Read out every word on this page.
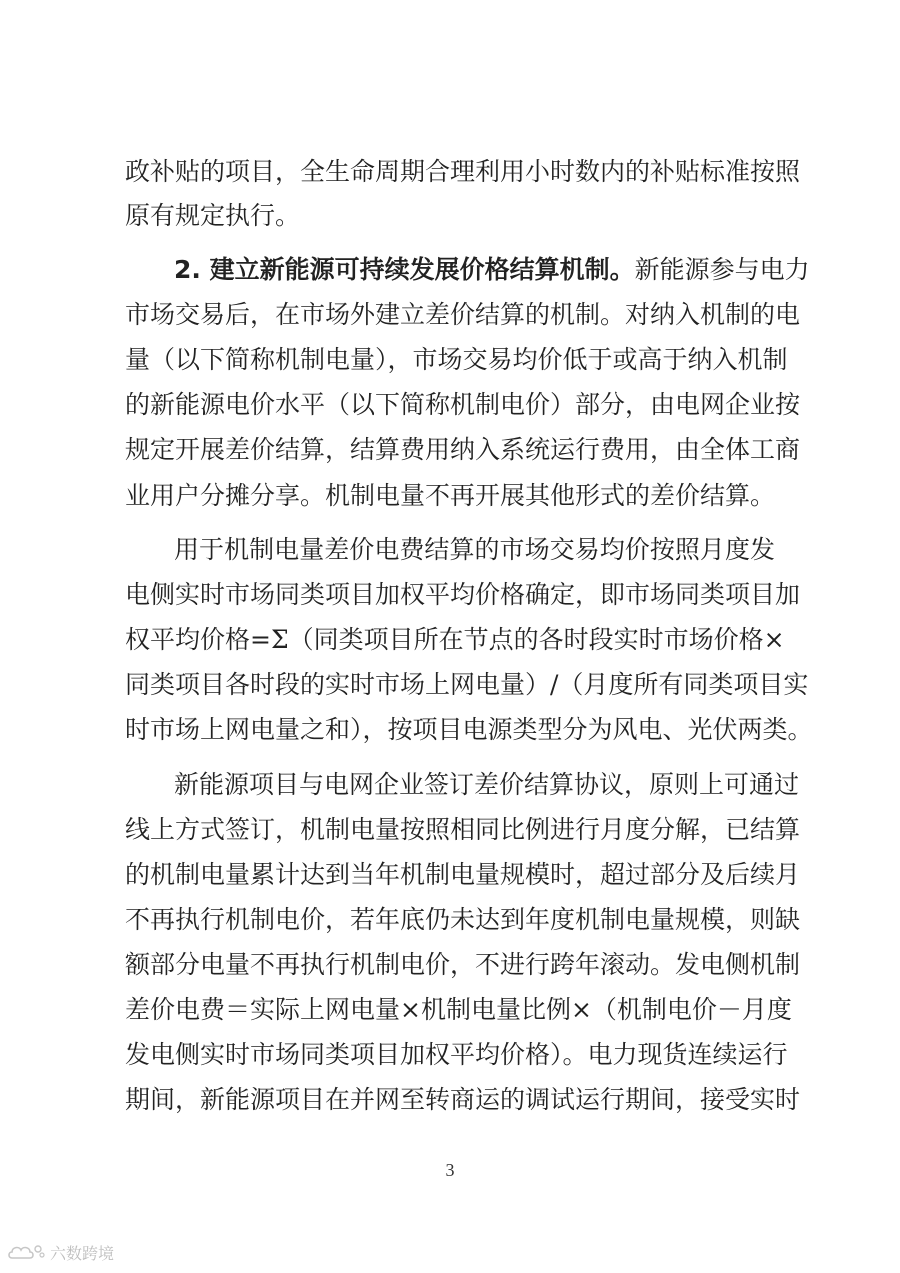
政补贴的项目，全生命周期合理利用小时数内的补贴标准按照
原有规定执行。
2. 建立新能源可持续发展价格结算机制。新能源参与电力
市场交易后，在市场外建立差价结算的机制。对纳入机制的电
量（以下简称机制电量），市场交易均价低于或高于纳入机制
的新能源电价水平（以下简称机制电价）部分，由电网企业按
规定开展差价结算，结算费用纳入系统运行费用，由全体工商
业用户分摊分享。机制电量不再开展其他形式的差价结算。
用于机制电量差价电费结算的市场交易均价按照月度发
电侧实时市场同类项目加权平均价格确定，即市场同类项目加
权平均价格=Σ（同类项目所在节点的各时段实时市场价格×
同类项目各时段的实时市场上网电量）/（月度所有同类项目实
时市场上网电量之和），按项目电源类型分为风电、光伏两类。
新能源项目与电网企业签订差价结算协议，原则上可通过
线上方式签订，机制电量按照相同比例进行月度分解，已结算
的机制电量累计达到当年机制电量规模时，超过部分及后续月
不再执行机制电价，若年底仍未达到年度机制电量规模，则缺
额部分电量不再执行机制电价，不进行跨年滚动。发电侧机制
差价电费＝实际上网电量×机制电量比例×（机制电价－月度
发电侧实时市场同类项目加权平均价格）。电力现货连续运行
期间，新能源项目在并网至转商运的调试运行期间，接受实时
3
六数跨境
